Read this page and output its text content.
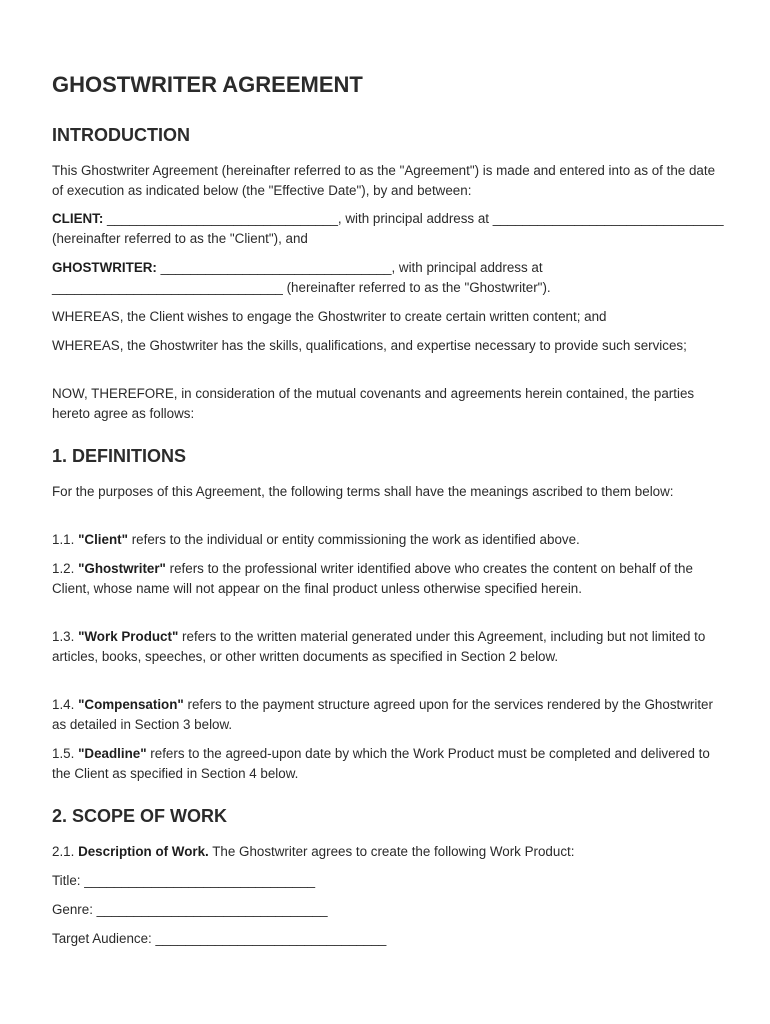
GHOSTWRITER AGREEMENT
INTRODUCTION

This Ghostwriter Agreement (hereinafter referred to as the "Agreement") is made and entered into as of the date of execution as indicated below (the "Effective Date"), by and between:

CLIENT: _______________________________, with principal address at _______________________________ (hereinafter referred to as the "Client"), and

GHOSTWRITER: _______________________________, with principal address at _______________________________ (hereinafter referred to as the "Ghostwriter").

WHEREAS, the Client wishes to engage the Ghostwriter to create certain written content; and

WHEREAS, the Ghostwriter has the skills, qualifications, and expertise necessary to provide such services;

NOW, THEREFORE, in consideration of the mutual covenants and agreements herein contained, the parties hereto agree as follows:

1. DEFINITIONS

For the purposes of this Agreement, the following terms shall have the meanings ascribed to them below:

1.1. "Client" refers to the individual or entity commissioning the work as identified above.

1.2. "Ghostwriter" refers to the professional writer identified above who creates the content on behalf of the Client, whose name will not appear on the final product unless otherwise specified herein.

1.3. "Work Product" refers to the written material generated under this Agreement, including but not limited to articles, books, speeches, or other written documents as specified in Section 2 below.

1.4. "Compensation" refers to the payment structure agreed upon for the services rendered by the Ghostwriter as detailed in Section 3 below.

1.5. "Deadline" refers to the agreed-upon date by which the Work Product must be completed and delivered to the Client as specified in Section 4 below.

2. SCOPE OF WORK

2.1. Description of Work. The Ghostwriter agrees to create the following Work Product:

Title: _______________________________

Genre: _______________________________

Target Audience: _______________________________
